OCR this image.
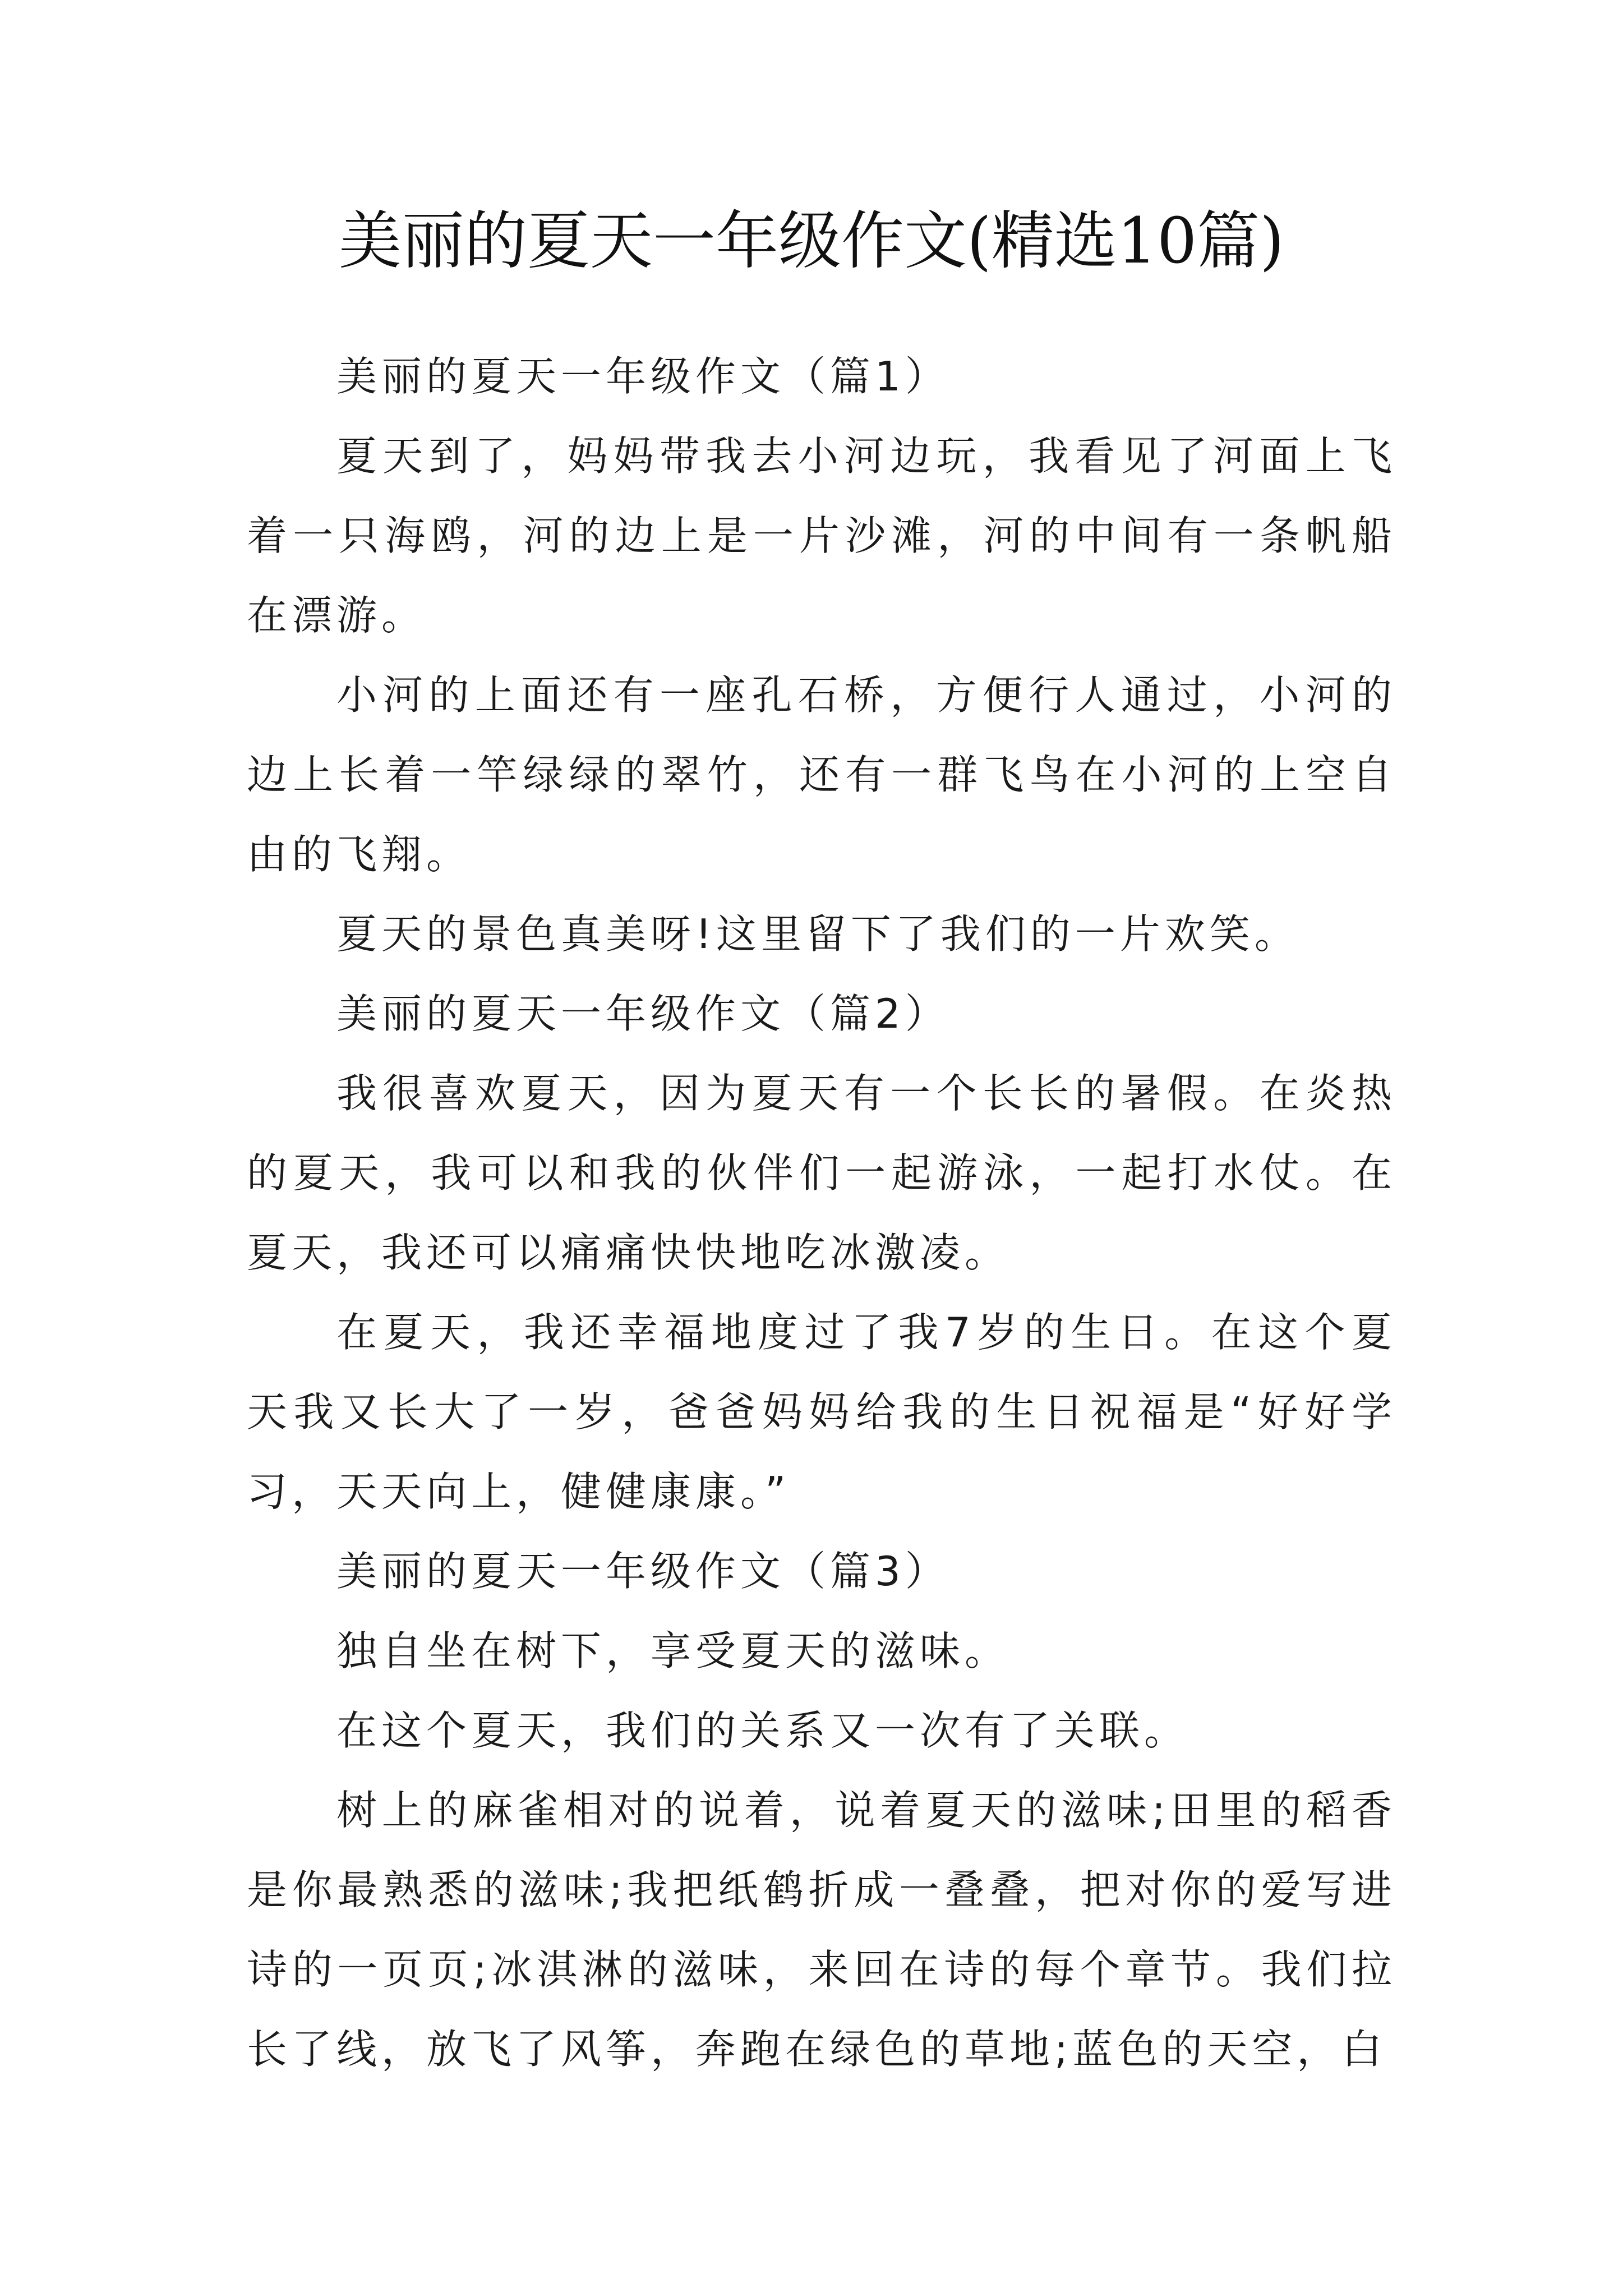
美丽的夏天一年级作文(精选10篇)

美丽的夏天一年级作文（篇1）

夏天到了，妈妈带我去小河边玩，我看见了河面上飞着一只海鸥，河的边上是一片沙滩，河的中间有一条帆船在漂游。

小河的上面还有一座孔石桥，方便行人通过，小河的边上长着一竿绿绿的翠竹，还有一群飞鸟在小河的上空自由的飞翔。

夏天的景色真美呀!这里留下了我们的一片欢笑。

美丽的夏天一年级作文（篇2）

我很喜欢夏天，因为夏天有一个长长的暑假。在炎热的夏天，我可以和我的伙伴们一起游泳，一起打水仗。在夏天，我还可以痛痛快快地吃冰激凌。

在夏天，我还幸福地度过了我7岁的生日。在这个夏天我又长大了一岁，爸爸妈妈给我的生日祝福是“好好学习，天天向上，健健康康。”

美丽的夏天一年级作文（篇3）

独自坐在树下，享受夏天的滋味。

在这个夏天，我们的关系又一次有了关联。

树上的麻雀相对的说着，说着夏天的滋味;田里的稻香是你最熟悉的滋味;我把纸鹤折成一叠叠，把对你的爱写进诗的一页页;冰淇淋的滋味，来回在诗的每个章节。我们拉长了线，放飞了风筝，奔跑在绿色的草地;蓝色的天空，白
